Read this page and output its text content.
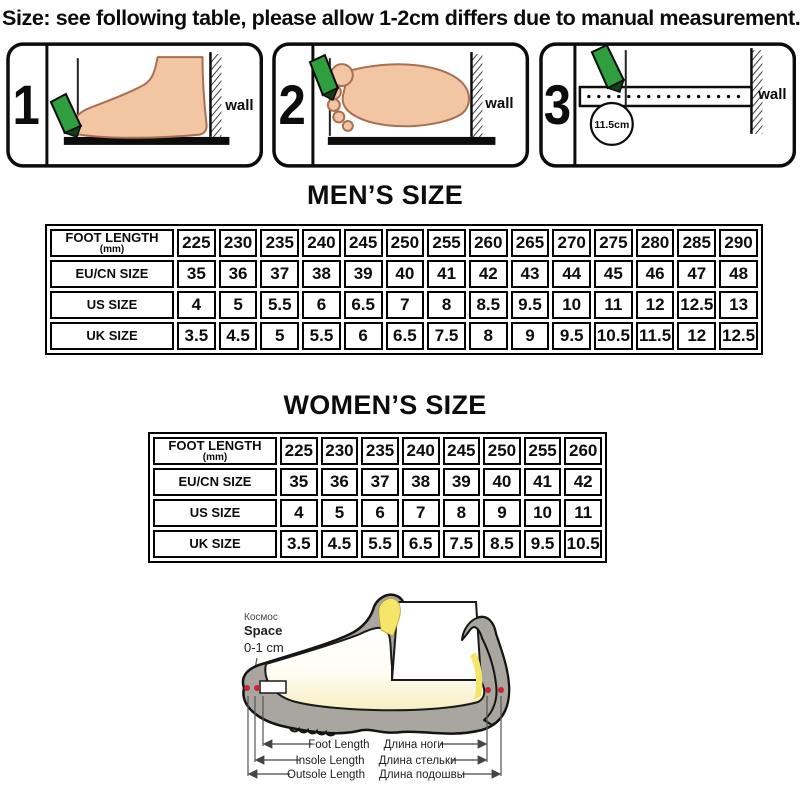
Size: see following table, please allow 1-2cm differs due to manual measurement.
1	wall 2	wall 3 11.5cm
wall
MEN’S SIZE
FOOT LENGTH
(mm)	225	230	235	240	245	250	255	260	265	270	275	280	285	290

EU/CN SIZE	35	36	37	38	39	40	41	42	43	44	45	46	47	48

US SIZE	4	5	5.5	6	6.5	7	8	8.5	9.5	10	11	12	12.5	13

UK SIZE	3.5	4.5	5	5.5	6	6.5	7.5	8	9	9.5	10.5	11.5	12	12.5
WOMEN’S SIZE
FOOT LENGTH
(mm)	225	230	235	240	245	250	255	260

EU/CN SIZE	35	36	37	38	39	40	41	42

US SIZE	4	5	6	7	8	9	10	11

UK SIZE	3.5	4.5	5.5	6.5	7.5	8.5	9.5	10.5
Космос
Space
0-1 cm
Foot Length Длина ноги
Insole Length Длина стельки
Outsole Length Длина подошвы
